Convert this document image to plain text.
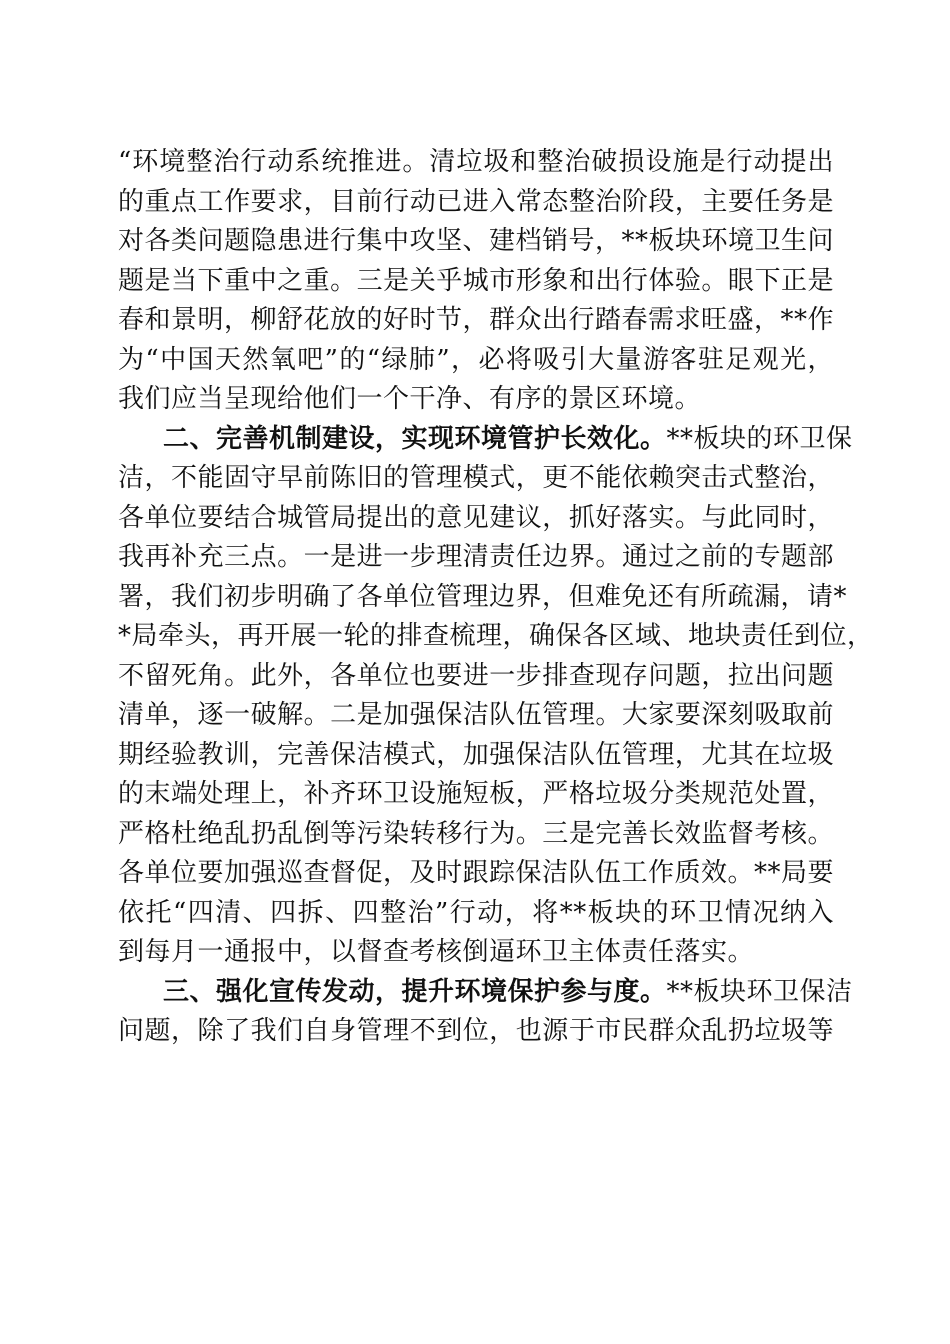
“环境整治行动系统推进。清垃圾和整治破损设施是行动提出
的重点工作要求，目前行动已进入常态整治阶段，主要任务是
对各类问题隐患进行集中攻坚、建档销号，**板块环境卫生问
题是当下重中之重。三是关乎城市形象和出行体验。眼下正是
春和景明，柳舒花放的好时节，群众出行踏春需求旺盛，**作
为“中国天然氧吧”的“绿肺”，必将吸引大量游客驻足观光，
我们应当呈现给他们一个干净、有序的景区环境。
二、完善机制建设，实现环境管护长效化。**板块的环卫保
洁，不能固守早前陈旧的管理模式，更不能依赖突击式整治，
各单位要结合城管局提出的意见建议，抓好落实。与此同时，
我再补充三点。一是进一步理清责任边界。通过之前的专题部
署，我们初步明确了各单位管理边界，但难免还有所疏漏，请*
*局牵头，再开展一轮的排查梳理，确保各区域、地块责任到位，
不留死角。此外，各单位也要进一步排查现存问题，拉出问题
清单，逐一破解。二是加强保洁队伍管理。大家要深刻吸取前
期经验教训，完善保洁模式，加强保洁队伍管理，尤其在垃圾
的末端处理上，补齐环卫设施短板，严格垃圾分类规范处置，
严格杜绝乱扔乱倒等污染转移行为。三是完善长效监督考核。
各单位要加强巡查督促，及时跟踪保洁队伍工作质效。**局要
依托“四清、四拆、四整治”行动，将**板块的环卫情况纳入
到每月一通报中，以督查考核倒逼环卫主体责任落实。
三、强化宣传发动，提升环境保护参与度。**板块环卫保洁
问题，除了我们自身管理不到位，也源于市民群众乱扔垃圾等
